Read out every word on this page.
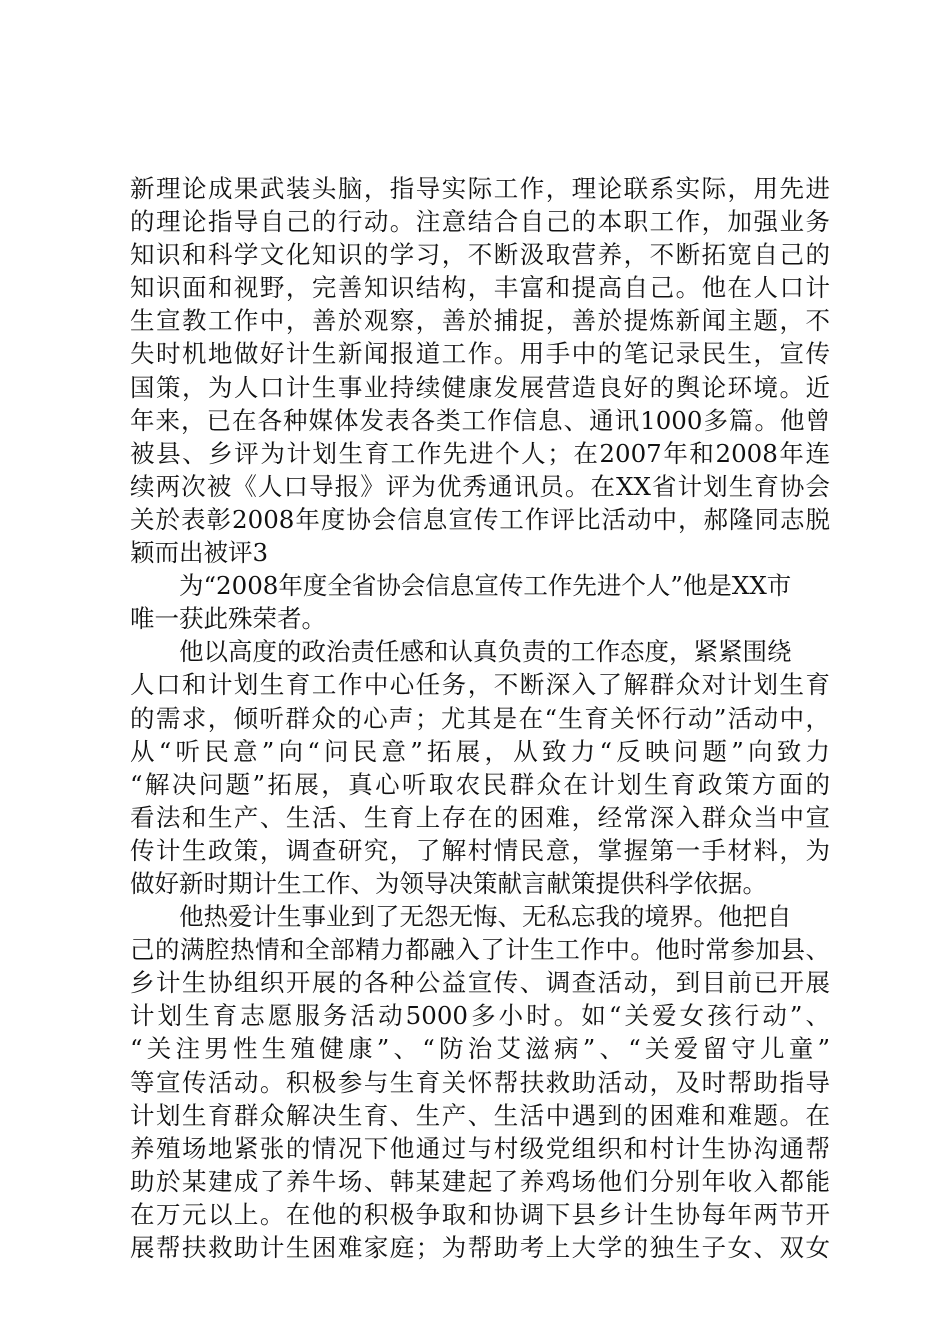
新理论成果武装头脑，指导实际工作，理论联系实际，用先进
的理论指导自己的行动。注意结合自己的本职工作，加强业务
知识和科学文化知识的学习，不断汲取营养，不断拓宽自己的
知识面和视野，完善知识结构，丰富和提高自己。他在人口计
生宣教工作中，善於观察，善於捕捉，善於提炼新闻主题，不
失时机地做好计生新闻报道工作。用手中的笔记录民生，宣传
国策，为人口计生事业持续健康发展营造良好的舆论环境。近
年来，已在各种媒体发表各类工作信息、通讯1000多篇。他曾
被县、乡评为计划生育工作先进个人；在2007年和2008年连
续两次被《人口导报》评为优秀通讯员。在XX省计划生育协会
关於表彰2008年度协会信息宣传工作评比活动中，郝隆同志脱
颖而出被评3
为“2008年度全省协会信息宣传工作先进个人”他是XX市
唯一获此殊荣者。
他以高度的政治责任感和认真负责的工作态度，紧紧围绕
人口和计划生育工作中心任务，不断深入了解群众对计划生育
的需求，倾听群众的心声；尤其是在“生育关怀行动”活动中，
从“听民意”向“问民意”拓展，从致力“反映问题”向致力
“解决问题”拓展，真心听取农民群众在计划生育政策方面的
看法和生产、生活、生育上存在的困难，经常深入群众当中宣
传计生政策，调查研究，了解村情民意，掌握第一手材料，为
做好新时期计生工作、为领导决策献言献策提供科学依据。
他热爱计生事业到了无怨无悔、无私忘我的境界。他把自
己的满腔热情和全部精力都融入了计生工作中。他时常参加县、
乡计生协组织开展的各种公益宣传、调查活动，到目前已开展
计划生育志愿服务活动5000多小时。如“关爱女孩行动”、
“关注男性生殖健康”、“防治艾滋病”、“关爱留守儿童”
等宣传活动。积极参与生育关怀帮扶救助活动，及时帮助指导
计划生育群众解决生育、生产、生活中遇到的困难和难题。在
养殖场地紧张的情况下他通过与村级党组织和村计生协沟通帮
助於某建成了养牛场、韩某建起了养鸡场他们分别年收入都能
在万元以上。在他的积极争取和协调下县乡计生协每年两节开
展帮扶救助计生困难家庭；为帮助考上大学的独生子女、双女
